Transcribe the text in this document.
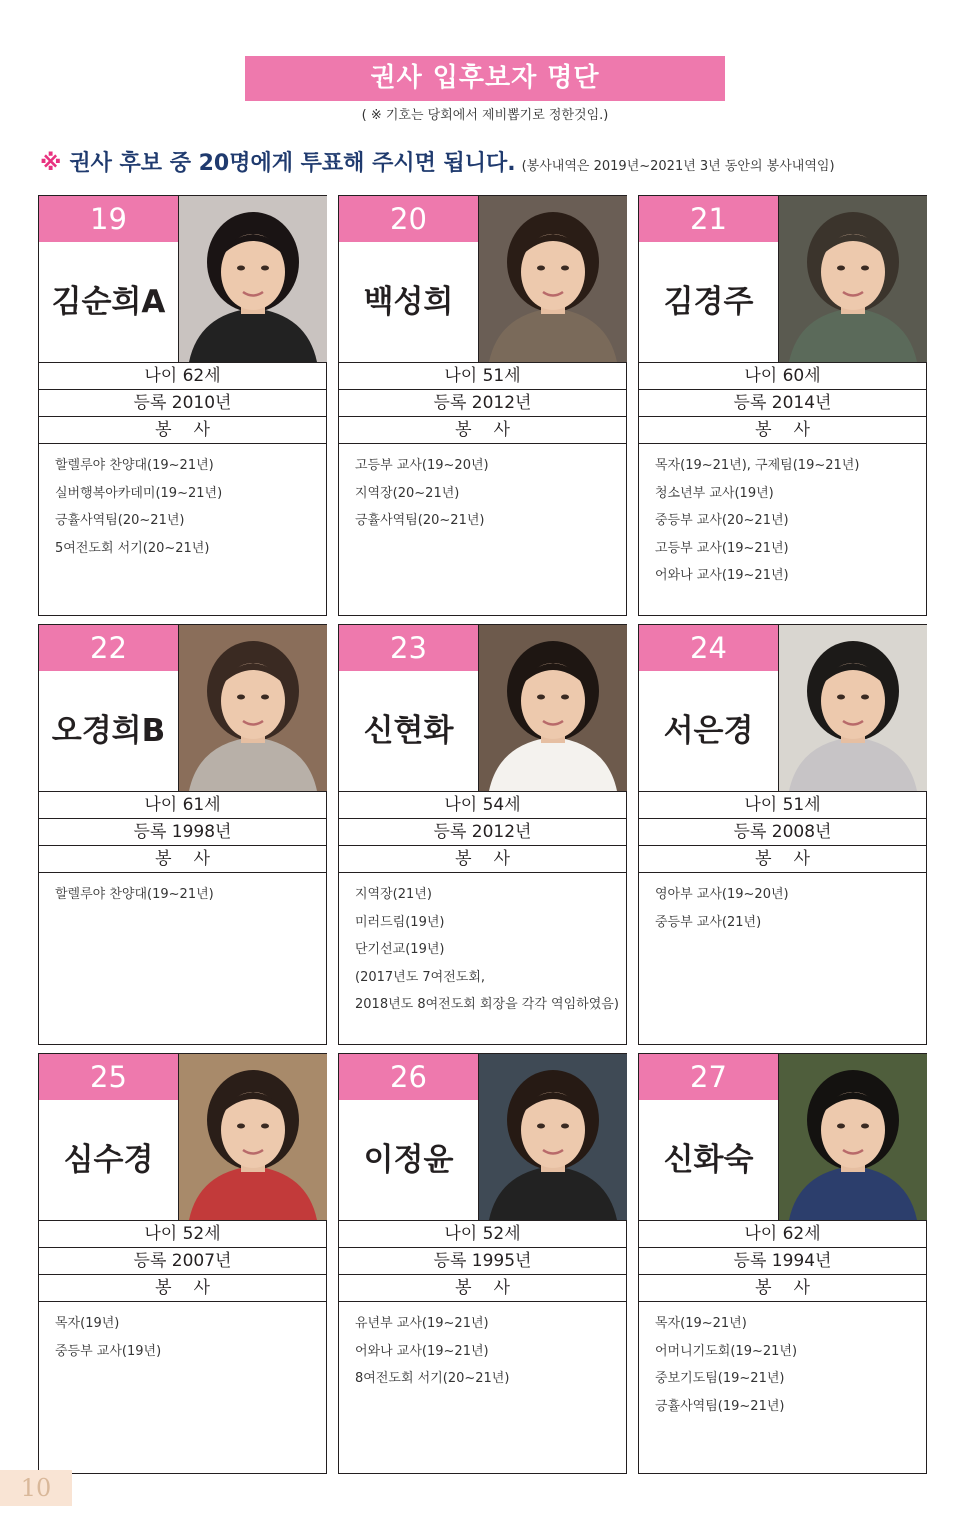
권사 입후보자 명단
( ※ 기호는 당회에서 제비뽑기로 정한것임.)
※ 권사 후보 중 20명에게 투표해 주시면 됩니다. (봉사내역은 2019년~2021년 3년 동안의 봉사내역임)
19
김순희A
나이 62세
등록 2010년
봉사
할렐루야 찬양대(19~21년)
실버행복아카데미(19~21년)
긍휼사역팀(20~21년)
5여전도회 서기(20~21년)
20
백성희
나이 51세
등록 2012년
봉사
고등부 교사(19~20년)
지역장(20~21년)
긍휼사역팀(20~21년)
21
김경주
나이 60세
등록 2014년
봉사
목자(19~21년), 구제팀(19~21년)
청소년부 교사(19년)
중등부 교사(20~21년)
고등부 교사(19~21년)
어와나 교사(19~21년)
22
오경희B
나이 61세
등록 1998년
봉사
할렐루야 찬양대(19~21년)
23
신현화
나이 54세
등록 2012년
봉사
지역장(21년)
미러드림(19년)
단기선교(19년)
(2017년도 7여전도회,
2018년도 8여전도회 회장을 각각 역임하였음)
24
서은경
나이 51세
등록 2008년
봉사
영아부 교사(19~20년)
중등부 교사(21년)
25
심수경
나이 52세
등록 2007년
봉사
목자(19년)
중등부 교사(19년)
26
이정윤
나이 52세
등록 1995년
봉사
유년부 교사(19~21년)
어와나 교사(19~21년)
8여전도회 서기(20~21년)
27
신화숙
나이 62세
등록 1994년
봉사
목자(19~21년)
어머니기도회(19~21년)
중보기도팀(19~21년)
긍휼사역팀(19~21년)
10
